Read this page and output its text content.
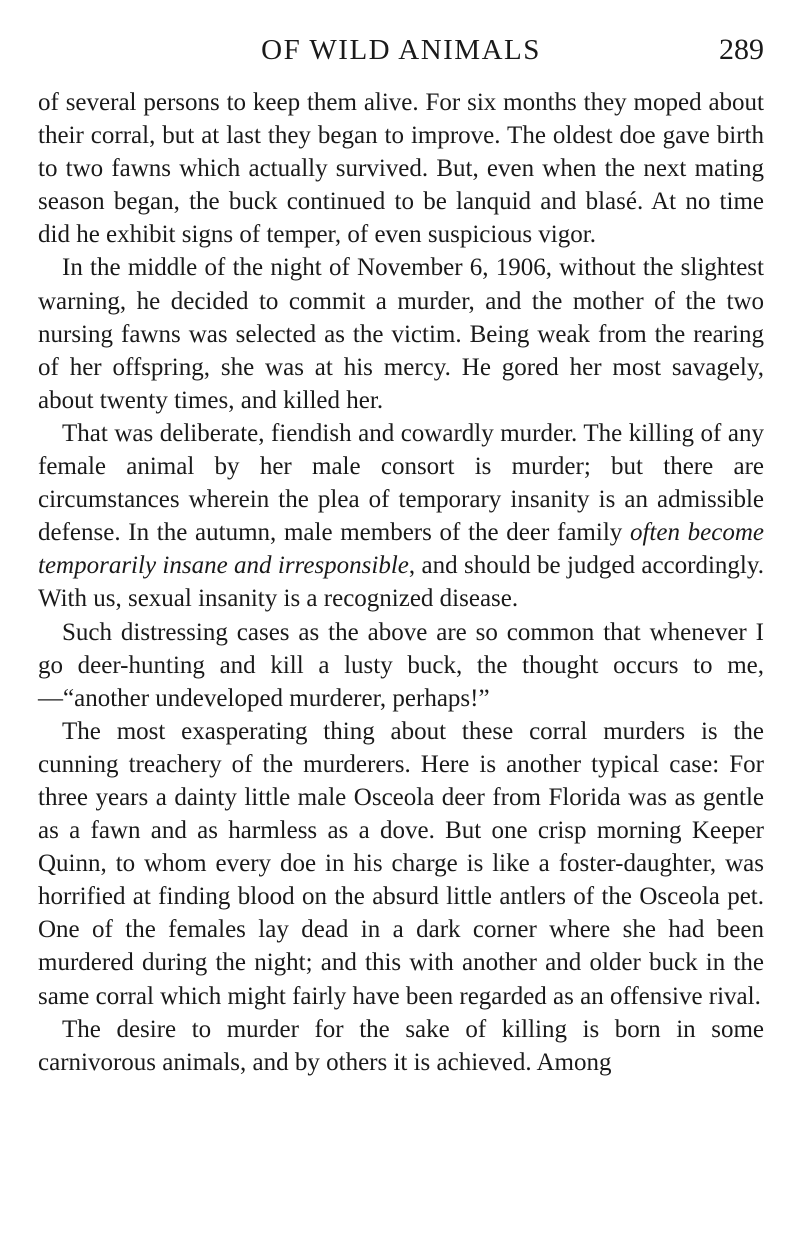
OF WILD ANIMALS	289

of several persons to keep them alive. For six months they moped about their corral, but at last they began to improve. The oldest doe gave birth to two fawns which actually survived. But, even when the next mating season began, the buck continued to be lanquid and blasé. At no time did he exhibit signs of temper, of even suspicious vigor.

In the middle of the night of November 6, 1906, without the slightest warning, he decided to commit a murder, and the mother of the two nursing fawns was selected as the victim. Being weak from the rearing of her offspring, she was at his mercy. He gored her most savagely, about twenty times, and killed her.

That was deliberate, fiendish and cowardly murder. The killing of any female animal by her male consort is murder; but there are circumstances wherein the plea of temporary insanity is an admissible defense. In the autumn, male members of the deer family often become temporarily insane and irresponsible, and should be judged accordingly. With us, sexual insanity is a recognized disease.

Such distressing cases as the above are so common that whenever I go deer-hunting and kill a lusty buck, the thought occurs to me,—“another undeveloped murderer, perhaps!”

The most exasperating thing about these corral murders is the cunning treachery of the murderers. Here is another typical case: For three years a dainty little male Osceola deer from Florida was as gentle as a fawn and as harmless as a dove. But one crisp morning Keeper Quinn, to whom every doe in his charge is like a foster-daughter, was horrified at finding blood on the absurd little antlers of the Osceola pet. One of the females lay dead in a dark corner where she had been murdered during the night; and this with another and older buck in the same corral which might fairly have been regarded as an offensive rival.

The desire to murder for the sake of killing is born in some carnivorous animals, and by others it is achieved. Among
